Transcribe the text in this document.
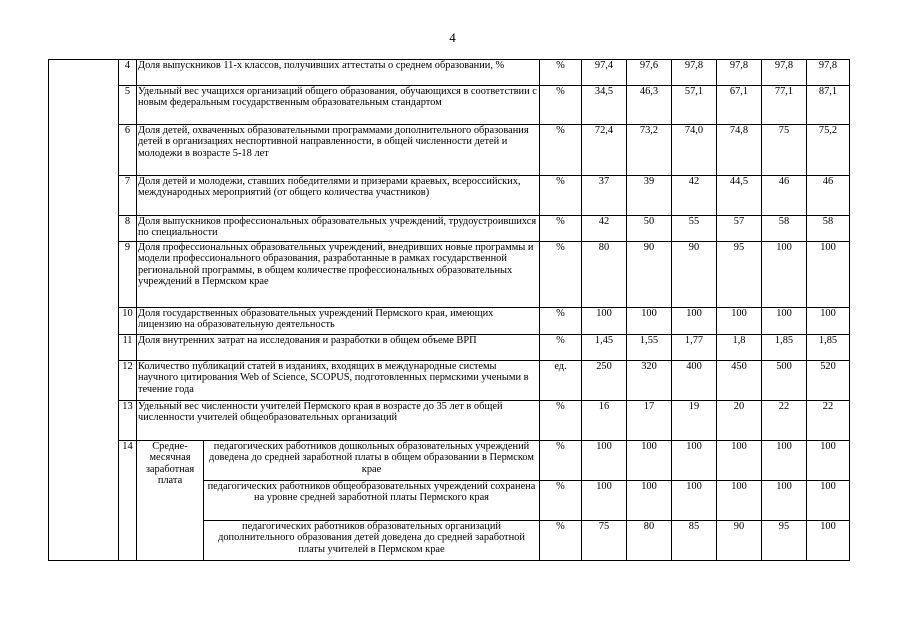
4
	4	Доля выпускников 11-х классов, получивших аттестаты о среднем образовании, %		%	97,4	97,6	97,8	97,8	97,8	97,8
	5	Удельный вес учащихся организаций общего образования, обучающихся в соответствии с новым федеральным государственным образовательным стандартом		%	34,5	46,3	57,1	67,1	77,1	87,1
	6	Доля детей, охваченных образовательными программами дополнительного образования детей в организациях неспортивной направленности, в общей численности детей и молодежи в возрасте 5-18 лет		%	72,4	73,2	74,0	74,8	75	75,2
	7	Доля детей и молодежи, ставших победителями и призерами краевых, всероссийских, международных мероприятий (от общего количества участников)		%	37	39	42	44,5	46	46
	8	Доля выпускников профессиональных образовательных учреждений, трудоустроившихся по специальности		%	42	50	55	57	58	58
	9	Доля профессиональных образовательных учреждений, внедривших новые программы и модели профессионального образования, разработанные в рамках государственной региональной программы, в общем количестве профессиональных образовательных учреждений в Пермском крае		%	80	90	90	95	100	100
	10	Доля государственных образовательных учреждений Пермского края, имеющих лицензию на образовательную деятельность		%	100	100	100	100	100	100
	11	Доля внутренних затрат на исследования и разработки в общем объеме ВРП		%	1,45	1,55	1,77	1,8	1,85	1,85
	12	Количество публикаций статей в изданиях, входящих в международные системы научного цитирования Web of Science, SCOPUS, подготовленных пермскими учеными в течение года		ед.	250	320	400	450	500	520
	13	Удельный вес численности учителей Пермского края в возрасте до 35 лет в общей численности учителей общеобразовательных организаций		%	16	17	19	20	22	22
	14	Средне-месячная заработная плата	педагогических работников дошкольных образовательных учреждений доведена до средней заработной платы в общем образовании в Пермском крае	%	100	100	100	100	100	100
			педагогических работников общеобразовательных учреждений сохранена на уровне средней заработной платы Пермского края	%	100	100	100	100	100	100
			педагогических работников образовательных организаций дополнительного образования детей доведена до средней заработной платы учителей в Пермском крае	%	75	80	85	90	95	100
